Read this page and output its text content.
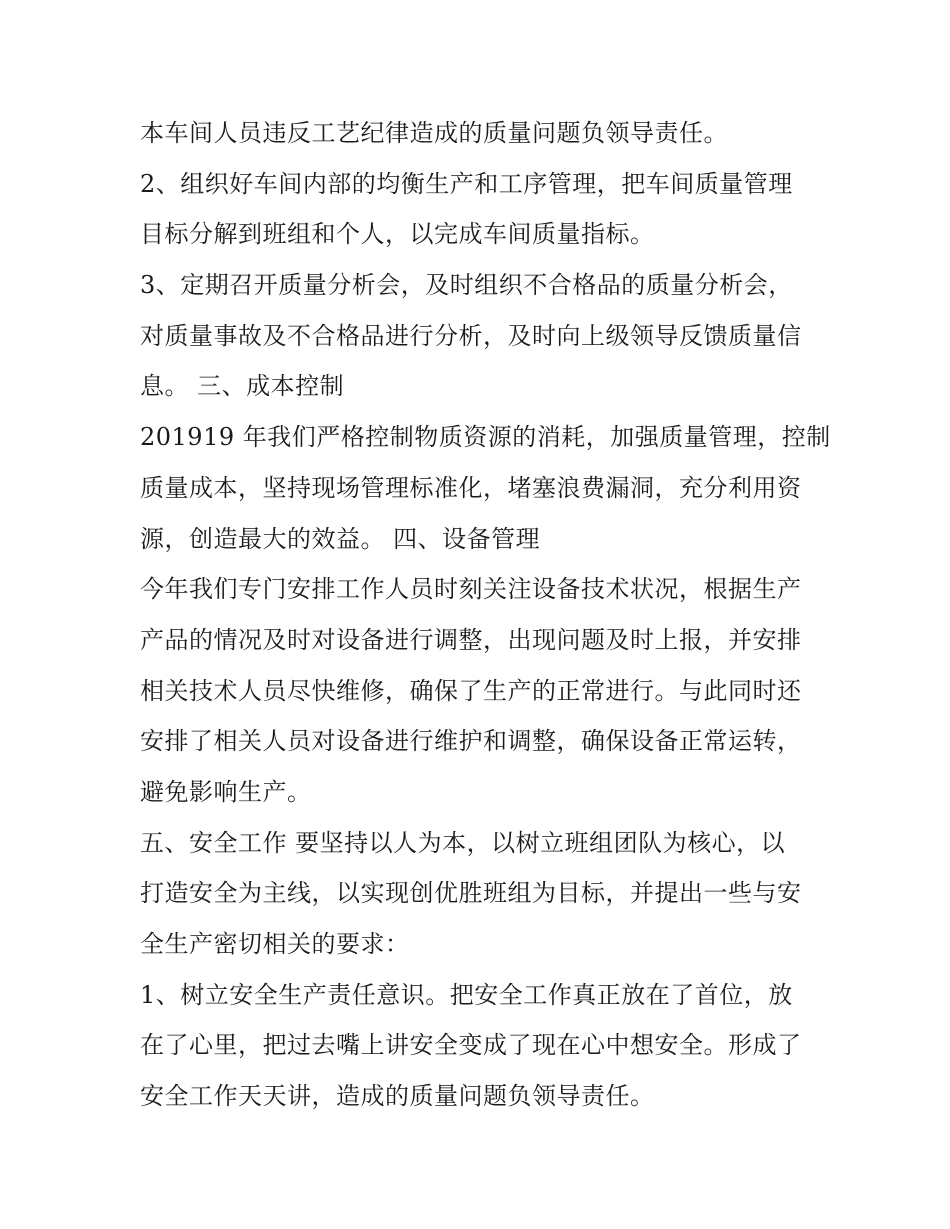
本车间人员违反工艺纪律造成的质量问题负领导责任。
2、组织好车间内部的均衡生产和工序管理，把车间质量管理
目标分解到班组和个人，以完成车间质量指标。
3、定期召开质量分析会，及时组织不合格品的质量分析会，
对质量事故及不合格品进行分析，及时向上级领导反馈质量信
息。 三、成本控制
201919 年我们严格控制物质资源的消耗，加强质量管理，控制
质量成本，坚持现场管理标准化，堵塞浪费漏洞，充分利用资
源，创造最大的效益。 四、设备管理
今年我们专门安排工作人员时刻关注设备技术状况，根据生产
产品的情况及时对设备进行调整，出现问题及时上报，并安排
相关技术人员尽快维修，确保了生产的正常进行。与此同时还
安排了相关人员对设备进行维护和调整，确保设备正常运转，
避免影响生产。
五、安全工作 要坚持以人为本，以树立班组团队为核心，以
打造安全为主线，以实现创优胜班组为目标，并提出一些与安
全生产密切相关的要求：
1、树立安全生产责任意识。把安全工作真正放在了首位，放
在了心里，把过去嘴上讲安全变成了现在心中想安全。形成了
安全工作天天讲，造成的质量问题负领导责任。
